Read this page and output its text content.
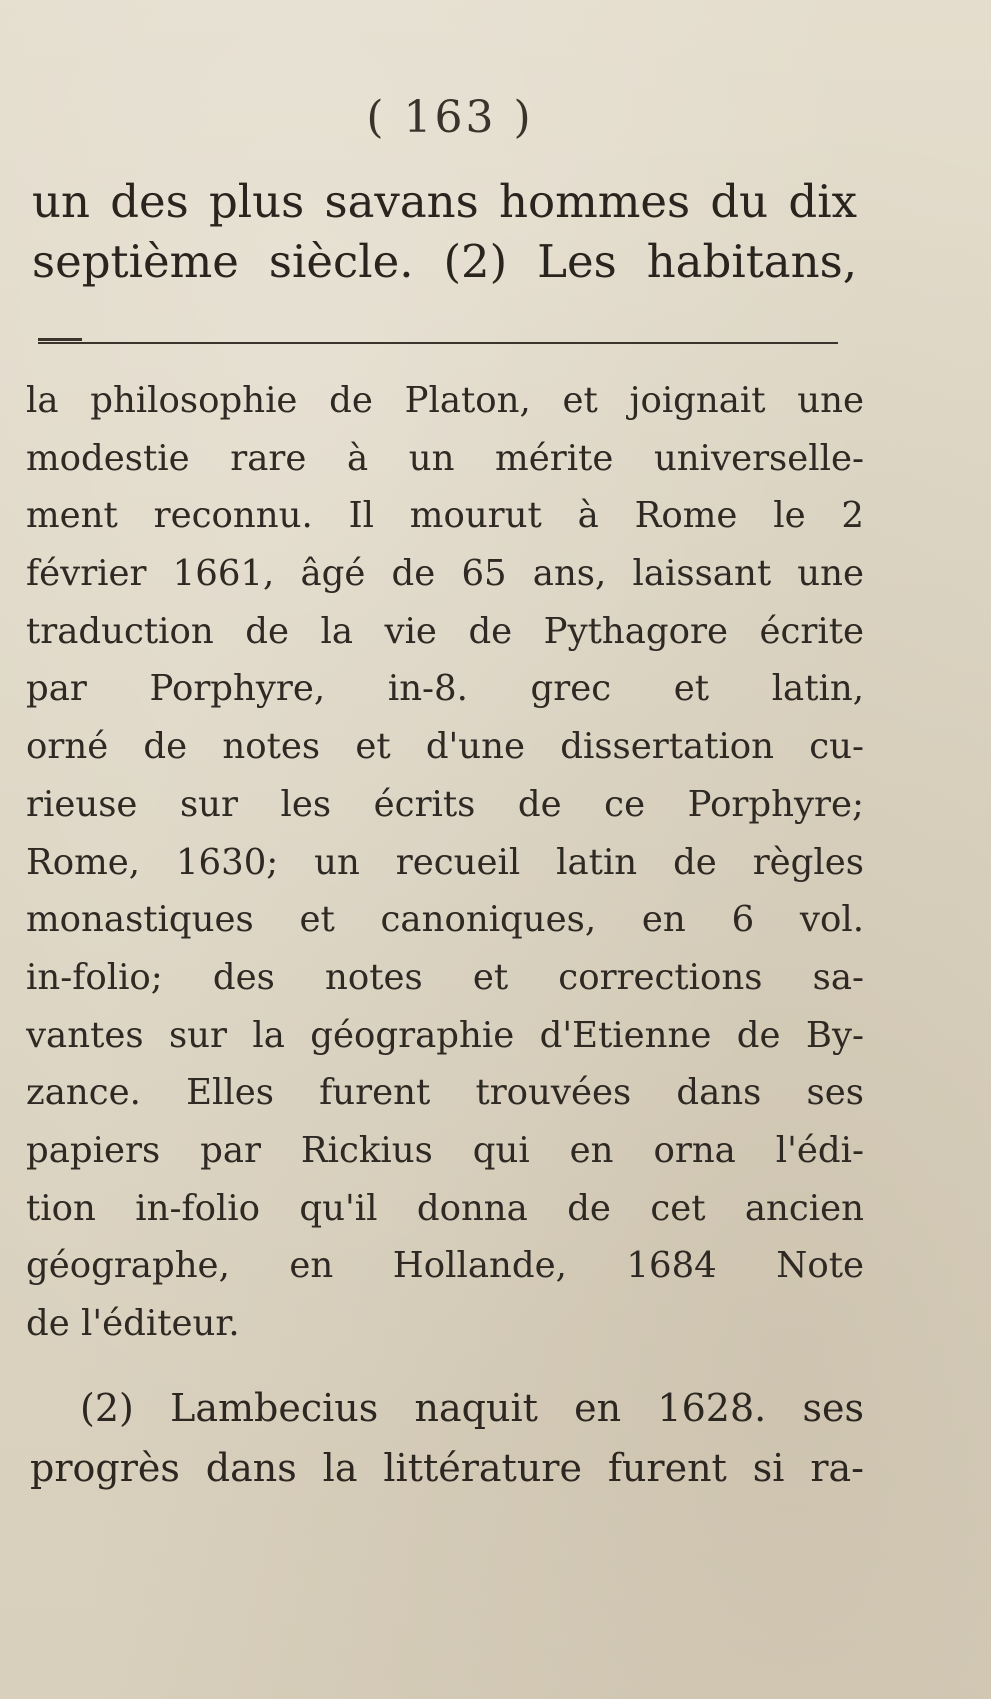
( 163 )
un des plus savans hommes du dix
septième siècle. (2) Les habitans,
la philosophie de Platon, et joignait une
modestie rare à un mérite universelle-
ment reconnu. Il mourut à Rome le 2
février 1661, âgé de 65 ans, laissant une
traduction de la vie de Pythagore écrite
par Porphyre, in-8. grec et latin,
orné de notes et d'une dissertation cu-
rieuse sur les écrits de ce Porphyre;
Rome, 1630; un recueil latin de règles
monastiques et canoniques, en 6 vol.
in-folio; des notes et corrections sa-
vantes sur la géographie d'Etienne de By-
zance. Elles furent trouvées dans ses
papiers par Rickius qui en orna l'édi-
tion in-folio qu'il donna de cet ancien
géographe, en Hollande, 1684 Note
de l'éditeur.
(2) Lambecius naquit en 1628. ses
progrès dans la littérature furent si ra-
